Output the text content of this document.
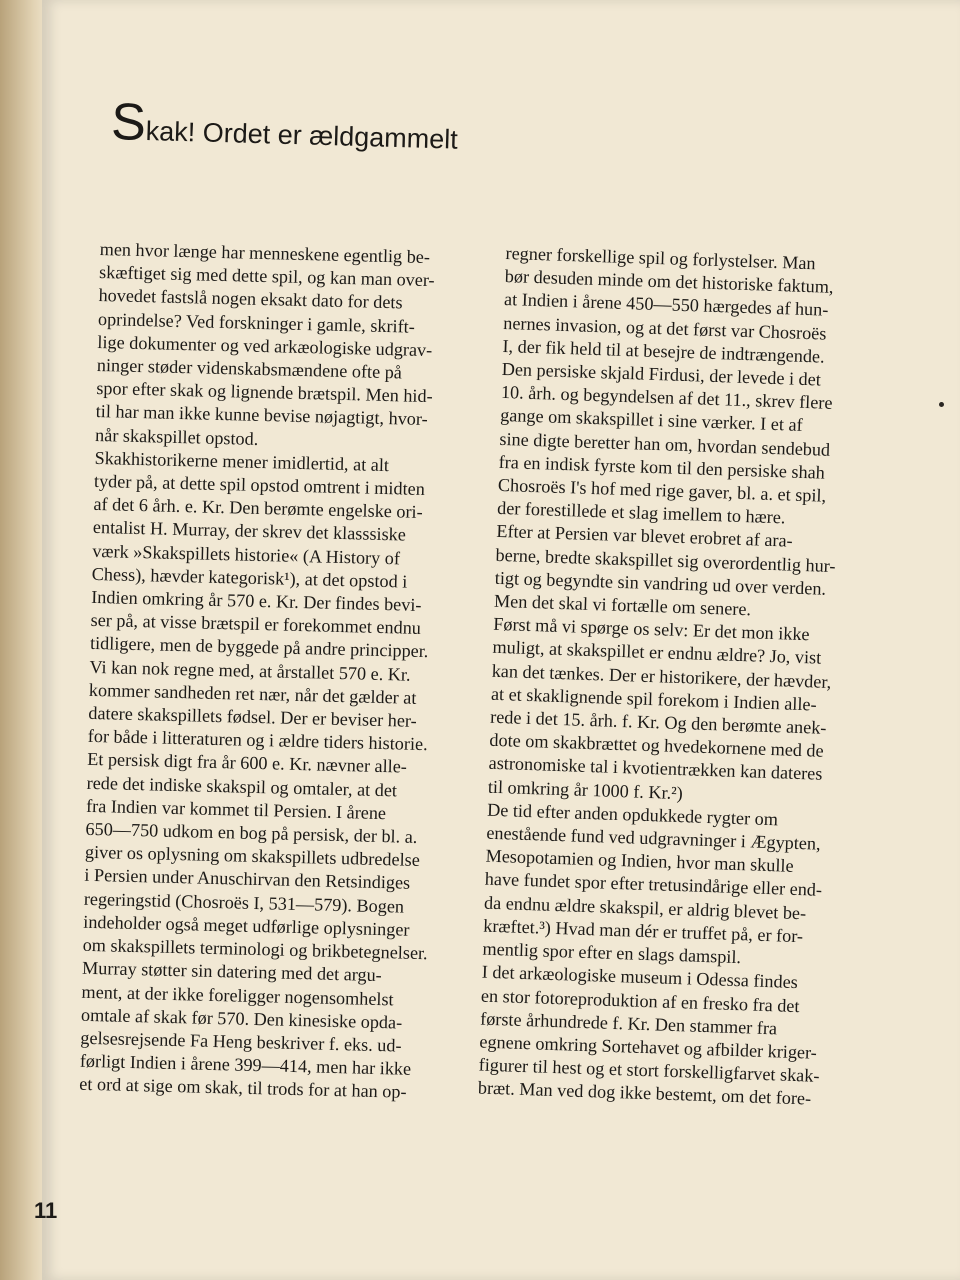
Skak! Ordet er ældgammelt

men hvor længe har menneskene egentlig be-

skæftiget sig med dette spil, og kan man over-

hovedet fastslå nogen eksakt dato for dets

oprindelse? Ved forskninger i gamle, skrift-

lige dokumenter og ved arkæologiske udgrav-

ninger støder videnskabsmændene ofte på

spor efter skak og lignende brætspil. Men hid-

til har man ikke kunne bevise nøjagtigt, hvor-

når skakspillet opstod.

Skakhistorikerne mener imidlertid, at alt

tyder på, at dette spil opstod omtrent i midten

af det 6 årh. e. Kr. Den berømte engelske ori-

entalist H. Murray, der skrev det klasssiske

værk »Skakspillets historie« (A History of

Chess), hævder kategorisk¹), at det opstod i

Indien omkring år 570 e. Kr. Der findes bevi-

ser på, at visse brætspil er forekommet endnu

tidligere, men de byggede på andre principper.

Vi kan nok regne med, at årstallet 570 e. Kr.

kommer sandheden ret nær, når det gælder at

datere skakspillets fødsel. Der er beviser her-

for både i litteraturen og i ældre tiders historie.

Et persisk digt fra år 600 e. Kr. nævner alle-

rede det indiske skakspil og omtaler, at det

fra Indien var kommet til Persien. I årene

650—750 udkom en bog på persisk, der bl. a.

giver os oplysning om skakspillets udbredelse

i Persien under Anuschirvan den Retsindiges

regeringstid (Chosroës I, 531—579). Bogen

indeholder også meget udførlige oplysninger

om skakspillets terminologi og brikbetegnelser.

Murray støtter sin datering med det argu-

ment, at der ikke foreligger nogensomhelst

omtale af skak før 570. Den kinesiske opda-

gelsesrejsende Fa Heng beskriver f. eks. ud-

førligt Indien i årene 399—414, men har ikke

et ord at sige om skak, til trods for at han op-

regner forskellige spil og forlystelser. Man

bør desuden minde om det historiske faktum,

at Indien i årene 450—550 hærgedes af hun-

nernes invasion, og at det først var Chosroës

I, der fik held til at besejre de indtrængende.

Den persiske skjald Firdusi, der levede i det

10. årh. og begyndelsen af det 11., skrev flere

gange om skakspillet i sine værker. I et af

sine digte beretter han om, hvordan sendebud

fra en indisk fyrste kom til den persiske shah

Chosroës I's hof med rige gaver, bl. a. et spil,

der forestillede et slag imellem to hære.

Efter at Persien var blevet erobret af ara-

berne, bredte skakspillet sig overordentlig hur-

tigt og begyndte sin vandring ud over verden.

Men det skal vi fortælle om senere.

Først må vi spørge os selv: Er det mon ikke

muligt, at skakspillet er endnu ældre? Jo, vist

kan det tænkes. Der er historikere, der hævder,

at et skaklignende spil forekom i Indien alle-

rede i det 15. årh. f. Kr. Og den berømte anek-

dote om skakbrættet og hvedekornene med de

astronomiske tal i kvotientrækken kan dateres

til omkring år 1000 f. Kr.²)

De tid efter anden opdukkede rygter om

enestående fund ved udgravninger i Ægypten,

Mesopotamien og Indien, hvor man skulle

have fundet spor efter tretusindårige eller end-

da endnu ældre skakspil, er aldrig blevet be-

kræftet.³) Hvad man dér er truffet på, er for-

mentlig spor efter en slags damspil.

I det arkæologiske museum i Odessa findes

en stor fotoreproduktion af en fresko fra det

første århundrede f. Kr. Den stammer fra

egnene omkring Sortehavet og afbilder kriger-

figurer til hest og et stort forskelligfarvet skak-

bræt. Man ved dog ikke bestemt, om det fore-

11
